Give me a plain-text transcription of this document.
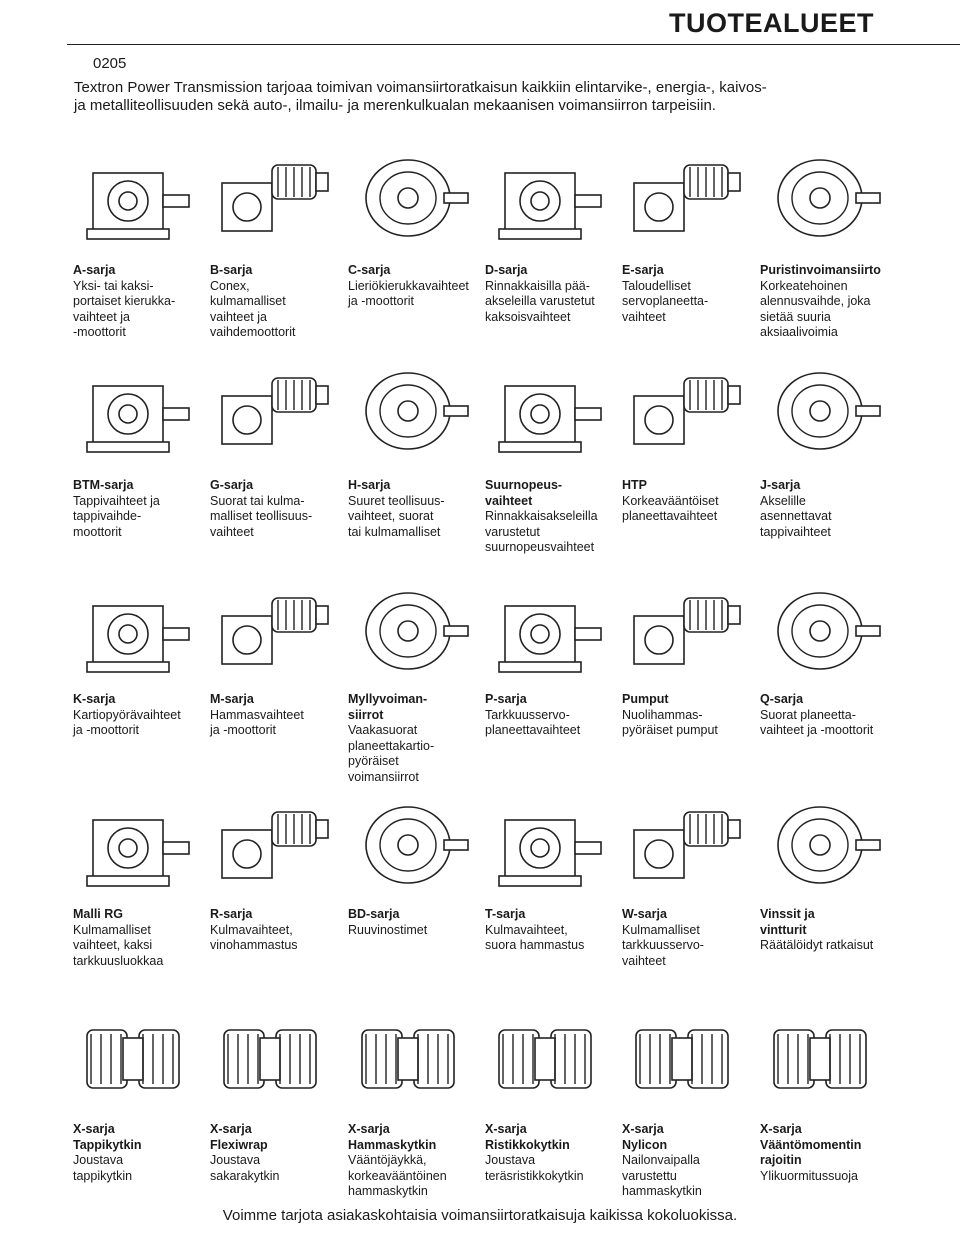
TUOTEALUEET
0205
Textron Power Transmission tarjoaa toimivan voimansiirtoratkaisun kaikkiin elintarvike-, energia-, kaivos-
ja metalliteollisuuden sekä auto-, ilmailu- ja merenkulkualan mekaanisen voimansiirron tarpeisiin.
A-sarja
Yksi- tai kaksi-
portaiset kierukka-
vaihteet ja
-moottorit
B-sarja
Conex,
kulmamalliset
vaihteet ja
vaihdemoottorit
C-sarja
Lieriökierukkavaihteet
ja -moottorit
D-sarja
Rinnakkaisilla pää-
akseleilla varustetut
kaksoisvaihteet
E-sarja
Taloudelliset
servoplaneetta-
vaihteet
Puristinvoimansiirto
Korkeatehoinen
alennusvaihde, joka
sietää suuria
aksiaalivoimia
BTM-sarja
Tappivaihteet ja
tappivaihde-
moottorit
G-sarja
Suorat tai kulma-
malliset teollisuus-
vaihteet
H-sarja
Suuret teollisuus-
vaihteet, suorat
tai kulmamalliset
Suurnopeus-
vaihteet
Rinnakkaisakseleilla
varustetut
suurnopeusvaihteet
HTP
Korkeavääntöiset
planeettavaihteet
J-sarja
Akselille
asennettavat
tappivaihteet
K-sarja
Kartiopyörävaihteet
ja -moottorit
M-sarja
Hammasvaihteet
ja -moottorit
Myllyvoiman-
siirrot
Vaakasuorat
planeettakartio-
pyöräiset
voimansiirrot
P-sarja
Tarkkuusservo-
planeettavaihteet
Pumput
Nuolihammas-
pyöräiset pumput
Q-sarja
Suorat planeetta-
vaihteet ja -moottorit
Malli RG
Kulmamalliset
vaihteet, kaksi
tarkkuusluokkaa
R-sarja
Kulmavaihteet,
vinohammastus
BD-sarja
Ruuvinostimet
T-sarja
Kulmavaihteet,
suora hammastus
W-sarja
Kulmamalliset
tarkkuusservo-
vaihteet
Vinssit ja
vintturit
Räätälöidyt ratkaisut
X-sarja
Tappikytkin
Joustava
tappikytkin
X-sarja
Flexiwrap
Joustava
sakarakytkin
X-sarja
Hammaskytkin
Vääntöjäykkä,
korkeavääntöinen
hammaskytkin
X-sarja
Ristikkokytkin
Joustava
teräsristikkokytkin
X-sarja
Nylicon
Nailonvaipalla
varustettu
hammaskytkin
X-sarja
Vääntömomentin
rajoitin
Ylikuormitussuoja
Voimme tarjota asiakaskohtaisia voimansiirtoratkaisuja kaikissa kokoluokissa.
